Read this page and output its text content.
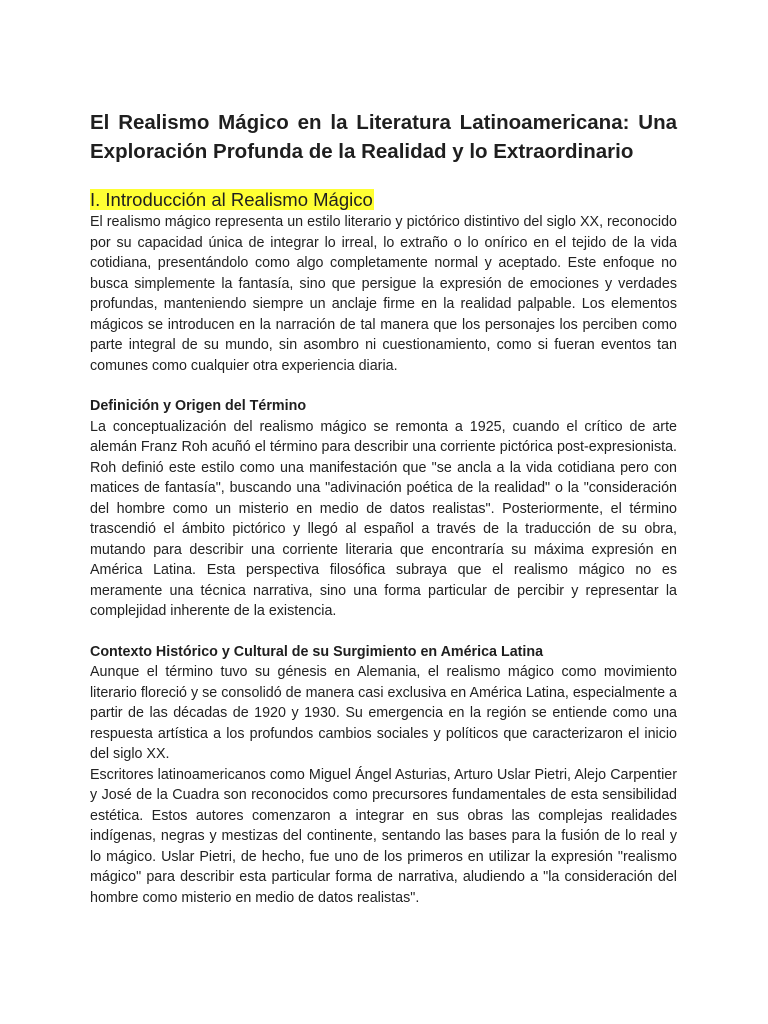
El Realismo Mágico en la Literatura Latinoamericana: Una Exploración Profunda de la Realidad y lo Extraordinario
I. Introducción al Realismo Mágico

El realismo mágico representa un estilo literario y pictórico distintivo del siglo XX, reconocido por su capacidad única de integrar lo irreal, lo extraño o lo onírico en el tejido de la vida cotidiana, presentándolo como algo completamente normal y aceptado. Este enfoque no busca simplemente la fantasía, sino que persigue la expresión de emociones y verdades profundas, manteniendo siempre un anclaje firme en la realidad palpable. Los elementos mágicos se introducen en la narración de tal manera que los personajes los perciben como parte integral de su mundo, sin asombro ni cuestionamiento, como si fueran eventos tan comunes como cualquier otra experiencia diaria.

Definición y Origen del Término

La conceptualización del realismo mágico se remonta a 1925, cuando el crítico de arte alemán Franz Roh acuñó el término para describir una corriente pictórica post-expresionista. Roh definió este estilo como una manifestación que "se ancla a la vida cotidiana pero con matices de fantasía", buscando una "adivinación poética de la realidad" o la "consideración del hombre como un misterio en medio de datos realistas". Posteriormente, el término trascendió el ámbito pictórico y llegó al español a través de la traducción de su obra, mutando para describir una corriente literaria que encontraría su máxima expresión en América Latina. Esta perspectiva filosófica subraya que el realismo mágico no es meramente una técnica narrativa, sino una forma particular de percibir y representar la complejidad inherente de la existencia.

Contexto Histórico y Cultural de su Surgimiento en América Latina

Aunque el término tuvo su génesis en Alemania, el realismo mágico como movimiento literario floreció y se consolidó de manera casi exclusiva en América Latina, especialmente a partir de las décadas de 1920 y 1930. Su emergencia en la región se entiende como una respuesta artística a los profundos cambios sociales y políticos que caracterizaron el inicio del siglo XX.

Escritores latinoamericanos como Miguel Ángel Asturias, Arturo Uslar Pietri, Alejo Carpentier y José de la Cuadra son reconocidos como precursores fundamentales de esta sensibilidad estética. Estos autores comenzaron a integrar en sus obras las complejas realidades indígenas, negras y mestizas del continente, sentando las bases para la fusión de lo real y lo mágico. Uslar Pietri, de hecho, fue uno de los primeros en utilizar la expresión "realismo mágico" para describir esta particular forma de narrativa, aludiendo a "la consideración del hombre como misterio en medio de datos realistas".
